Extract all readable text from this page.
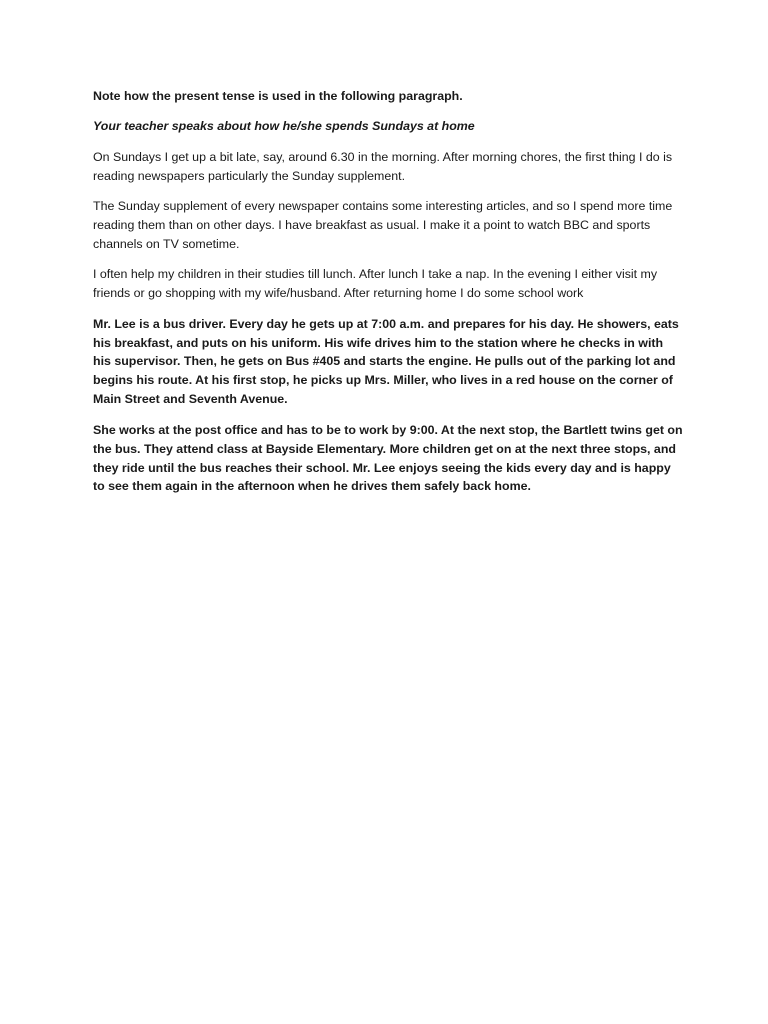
Note how the present tense is used in the following paragraph.

Your teacher speaks about how he/she spends Sundays at home

On Sundays I get up a bit late, say, around 6.30 in the morning. After morning chores, the first thing I do is reading newspapers particularly the Sunday supplement.

The Sunday supplement of every newspaper contains some interesting articles, and so I spend more time reading them than on other days. I have breakfast as usual. I make it a point to watch BBC and sports channels on TV sometime.

I often help my children in their studies till lunch. After lunch I take a nap. In the evening I either visit my friends or go shopping with my wife/husband. After returning home I do some school work

Mr. Lee is a bus driver. Every day he gets up at 7:00 a.m. and prepares for his day. He showers, eats his breakfast, and puts on his uniform. His wife drives him to the station where he checks in with his supervisor. Then, he gets on Bus #405 and starts the engine. He pulls out of the parking lot and begins his route. At his first stop, he picks up Mrs. Miller, who lives in a red house on the corner of Main Street and Seventh Avenue.

She works at the post office and has to be to work by 9:00. At the next stop, the Bartlett twins get on the bus. They attend class at Bayside Elementary. More children get on at the next three stops, and they ride until the bus reaches their school. Mr. Lee enjoys seeing the kids every day and is happy to see them again in the afternoon when he drives them safely back home.
